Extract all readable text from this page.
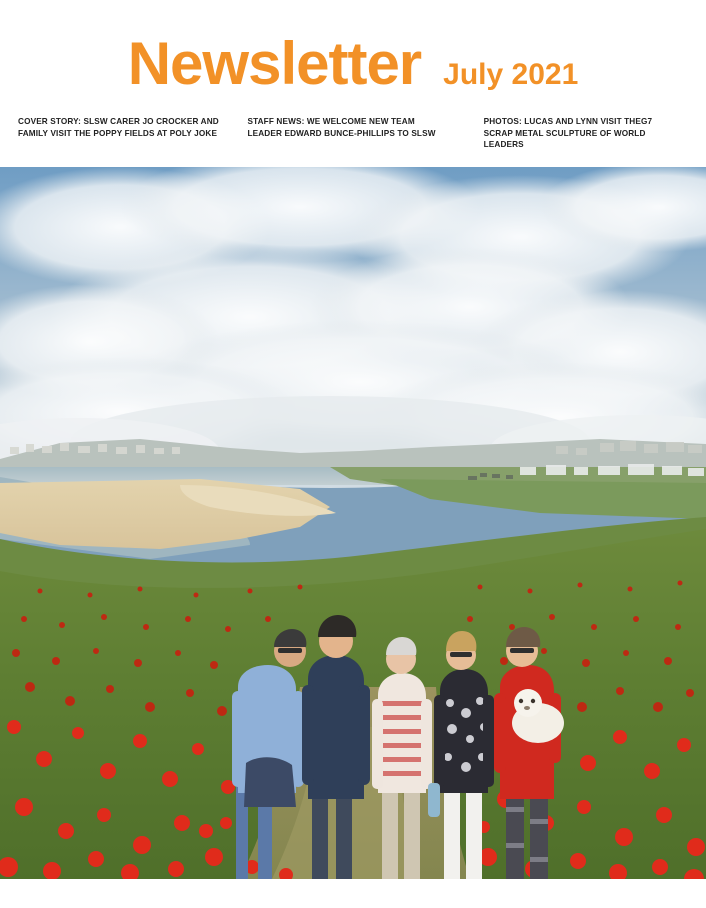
Newsletter July 2021
COVER STORY: SLSW CARER JO CROCKER AND FAMILY VISIT THE POPPY FIELDS AT POLY JOKE
STAFF NEWS: WE WELCOME NEW TEAM LEADER EDWARD BUNCE-PHILLIPS TO SLSW
PHOTOS: LUCAS AND LYNN VISIT THEG7 SCRAP METAL SCULPTURE OF WORLD LEADERS
